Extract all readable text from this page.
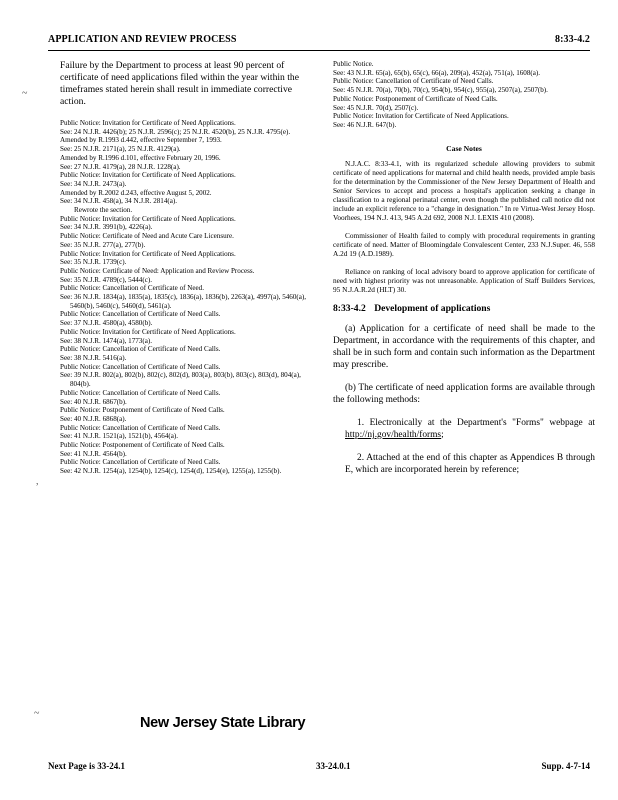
APPLICATION AND REVIEW PROCESS	8:33-4.2
~
,
~

Failure by the Department to process at least 90 percent of certificate of need applications filed within the year within the timeframes stated herein shall result in immediate corrective action.

Public Notice: Invitation for Certificate of Need Applications.
See: 24 N.J.R. 4426(b); 25 N.J.R. 2596(c); 25 N.J.R. 4520(b), 25 N.J.R. 4795(e).
Amended by R.1993 d.442, effective September 7, 1993.
See: 25 N.J.R. 2171(a), 25 N.J.R. 4129(a).
Amended by R.1996 d.101, effective February 20, 1996.
See: 27 N.J.R. 4179(a), 28 N.J.R. 1228(a).
Public Notice: Invitation for Certificate of Need Applications.
See: 34 N.J.R. 2473(a).
Amended by R.2002 d.243, effective August 5, 2002.
See: 34 N.J.R. 458(a), 34 N.J.R. 2814(a).
Rewrote the section.
Public Notice: Invitation for Certificate of Need Applications.
See: 34 N.J.R. 3991(b), 4226(a).
Public Notice: Certificate of Need and Acute Care Licensure.
See: 35 N.J.R. 277(a), 277(b).
Public Notice: Invitation for Certificate of Need Applications.
See: 35 N.J.R. 1739(c).
Public Notice: Certificate of Need: Application and Review Process.
See: 35 N.J.R. 4789(c), 5444(c).
Public Notice: Cancellation of Certificate of Need.
See: 36 N.J.R. 1834(a), 1835(a), 1835(c), 1836(a), 1836(b), 2263(a), 4997(a), 5460(a), 5460(b), 5460(c), 5460(d), 5461(a).
Public Notice: Cancellation of Certificate of Need Calls.
See: 37 N.J.R. 4580(a), 4580(b).
Public Notice: Invitation for Certificate of Need Applications.
See: 38 N.J.R. 1474(a), 1773(a).
Public Notice: Cancellation of Certificate of Need Calls.
See: 38 N.J.R. 5416(a).
Public Notice: Cancellation of Certificate of Need Calls.
See: 39 N.J.R. 802(a), 802(b), 802(c), 802(d), 803(a), 803(b), 803(c), 803(d), 804(a), 804(b).
Public Notice: Cancellation of Certificate of Need Calls.
See: 40 N.J.R. 6867(b).
Public Notice: Postponement of Certificate of Need Calls.
See: 40 N.J.R. 6868(a).
Public Notice: Cancellation of Certificate of Need Calls.
See: 41 N.J.R. 1521(a), 1521(b), 4564(a).
Public Notice: Postponement of Certificate of Need Calls.
See: 41 N.J.R. 4564(b).
Public Notice: Cancellation of Certificate of Need Calls.
See: 42 N.J.R. 1254(a), 1254(b), 1254(c), 1254(d), 1254(e), 1255(a), 1255(b).
Public Notice.
See: 43 N.J.R. 65(a), 65(b), 65(c), 66(a), 209(a), 452(a), 751(a), 1608(a).
Public Notice: Cancellation of Certificate of Need Calls.
See: 45 N.J.R. 70(a), 70(b), 70(c), 954(b), 954(c), 955(a), 2507(a), 2507(b).
Public Notice: Postponement of Certificate of Need Calls.
See: 45 N.J.R. 70(d), 2507(c).
Public Notice: Invitation for Certificate of Need Applications.
See: 46 N.J.R. 647(b).
Case Notes

N.J.A.C. 8:33-4.1, with its regularized schedule allowing providers to submit certificate of need applications for maternal and child health needs, provided ample basis for the determination by the Commissioner of the New Jersey Department of Health and Senior Services to accept and process a hospital's application seeking a change in classification to a regional perinatal center, even though the published call notice did not include an explicit reference to a "change in designation." In re Virtua-West Jersey Hosp. Voorhees, 194 N.J. 413, 945 A.2d 692, 2008 N.J. LEXIS 410 (2008).

Commissioner of Health failed to comply with procedural requirements in granting certificate of need. Matter of Bloomingdale Convalescent Center, 233 N.J.Super. 46, 558 A.2d 19 (A.D.1989).

Reliance on ranking of local advisory board to approve application for certificate of need with highest priority was not unreasonable. Application of Staff Builders Services, 95 N.J.A.R.2d (HLT) 30.

8:33-4.2 Development of applications

(a) Application for a certificate of need shall be made to the Department, in accordance with the requirements of this chapter, and shall be in such form and contain such information as the Department may prescribe.

(b) The certificate of need application forms are available through the following methods:

1. Electronically at the Department's "Forms" webpage at http://nj.gov/health/forms;

2. Attached at the end of this chapter as Appendices B through E, which are incorporated herein by reference;

New Jersey State Library
Next Page is 33-24.1	33-24.0.1	Supp. 4-7-14
